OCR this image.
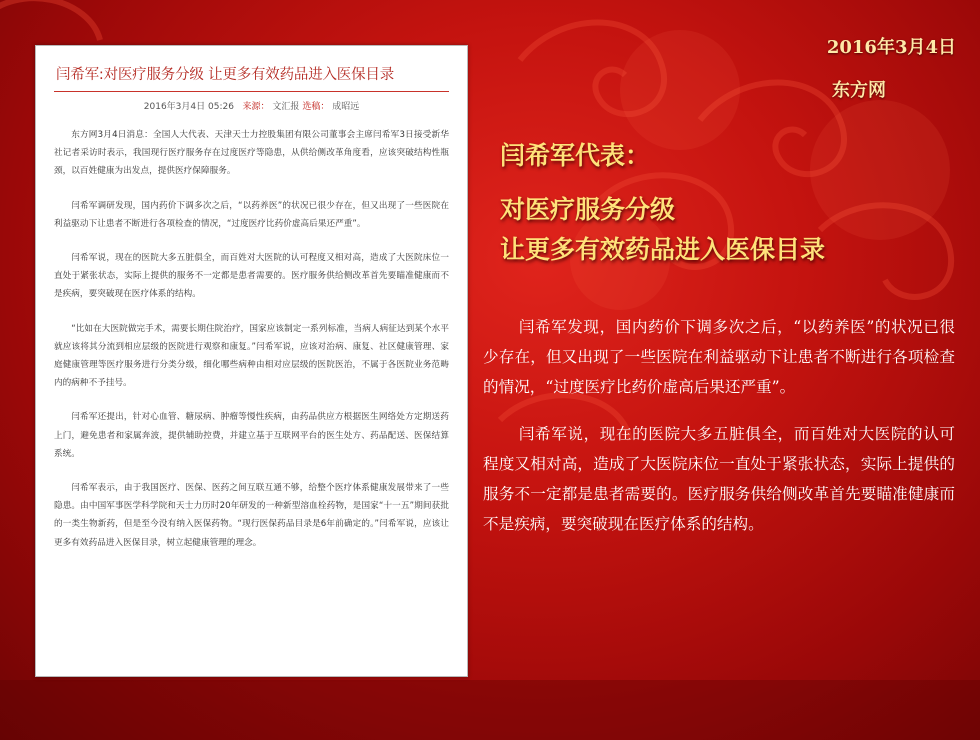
闫希军:对医疗服务分级 让更多有效药品进入医保目录
2016年3月4日 05:26 来源： 文汇报 选稿： 成昭远

东方网3月4日消息：全国人大代表、天津天士力控股集团有限公司董事会主席闫希军3日接受新华社记者采访时表示，我国现行医疗服务存在过度医疗等隐患，从供给侧改革角度看，应该突破结构性瓶颈，以百姓健康为出发点，提供医疗保障服务。

闫希军调研发现，国内药价下调多次之后，“以药养医”的状况已很少存在，但又出现了一些医院在利益驱动下让患者不断进行各项检查的情况，“过度医疗比药价虚高后果还严重”。

闫希军说，现在的医院大多五脏俱全，而百姓对大医院的认可程度又相对高，造成了大医院床位一直处于紧张状态，实际上提供的服务不一定都是患者需要的。医疗服务供给侧改革首先要瞄准健康而不是疾病，要突破现在医疗体系的结构。

“比如在大医院做完手术，需要长期住院治疗，国家应该制定一系列标准，当病人病征达到某个水平就应该将其分流到相应层级的医院进行观察和康复。”闫希军说，应该对治病、康复、社区健康管理、家庭健康管理等医疗服务进行分类分级，细化哪些病种由相对应层级的医院医治，不属于各医院业务范畴内的病种不予挂号。

闫希军还提出，针对心血管、糖尿病、肿瘤等慢性疾病，由药品供应方根据医生网络处方定期送药上门，避免患者和家属奔波，提供辅助控费，并建立基于互联网平台的医生处方、药品配送、医保结算系统。

闫希军表示，由于我国医疗、医保、医药之间互联互通不够，给整个医疗体系健康发展带来了一些隐患。由中国军事医学科学院和天士力历时20年研发的一种新型溶血栓药物，是国家“十一五”期间获批的一类生物新药，但是至今没有纳入医保药物。“现行医保药品目录是6年前确定的。”闫希军说，应该让更多有效药品进入医保目录，树立起健康管理的理念。

2016年3月4日
东方网
闫希军代表：
对医疗服务分级
让更多有效药品进入医保目录

闫希军发现，国内药价下调多次之后，“以药养医”的状况已很少存在，但又出现了一些医院在利益驱动下让患者不断进行各项检查的情况，“过度医疗比药价虚高后果还严重”。

闫希军说，现在的医院大多五脏俱全，而百姓对大医院的认可程度又相对高，造成了大医院床位一直处于紧张状态，实际上提供的服务不一定都是患者需要的。医疗服务供给侧改革首先要瞄准健康而不是疾病，要突破现在医疗体系的结构。
